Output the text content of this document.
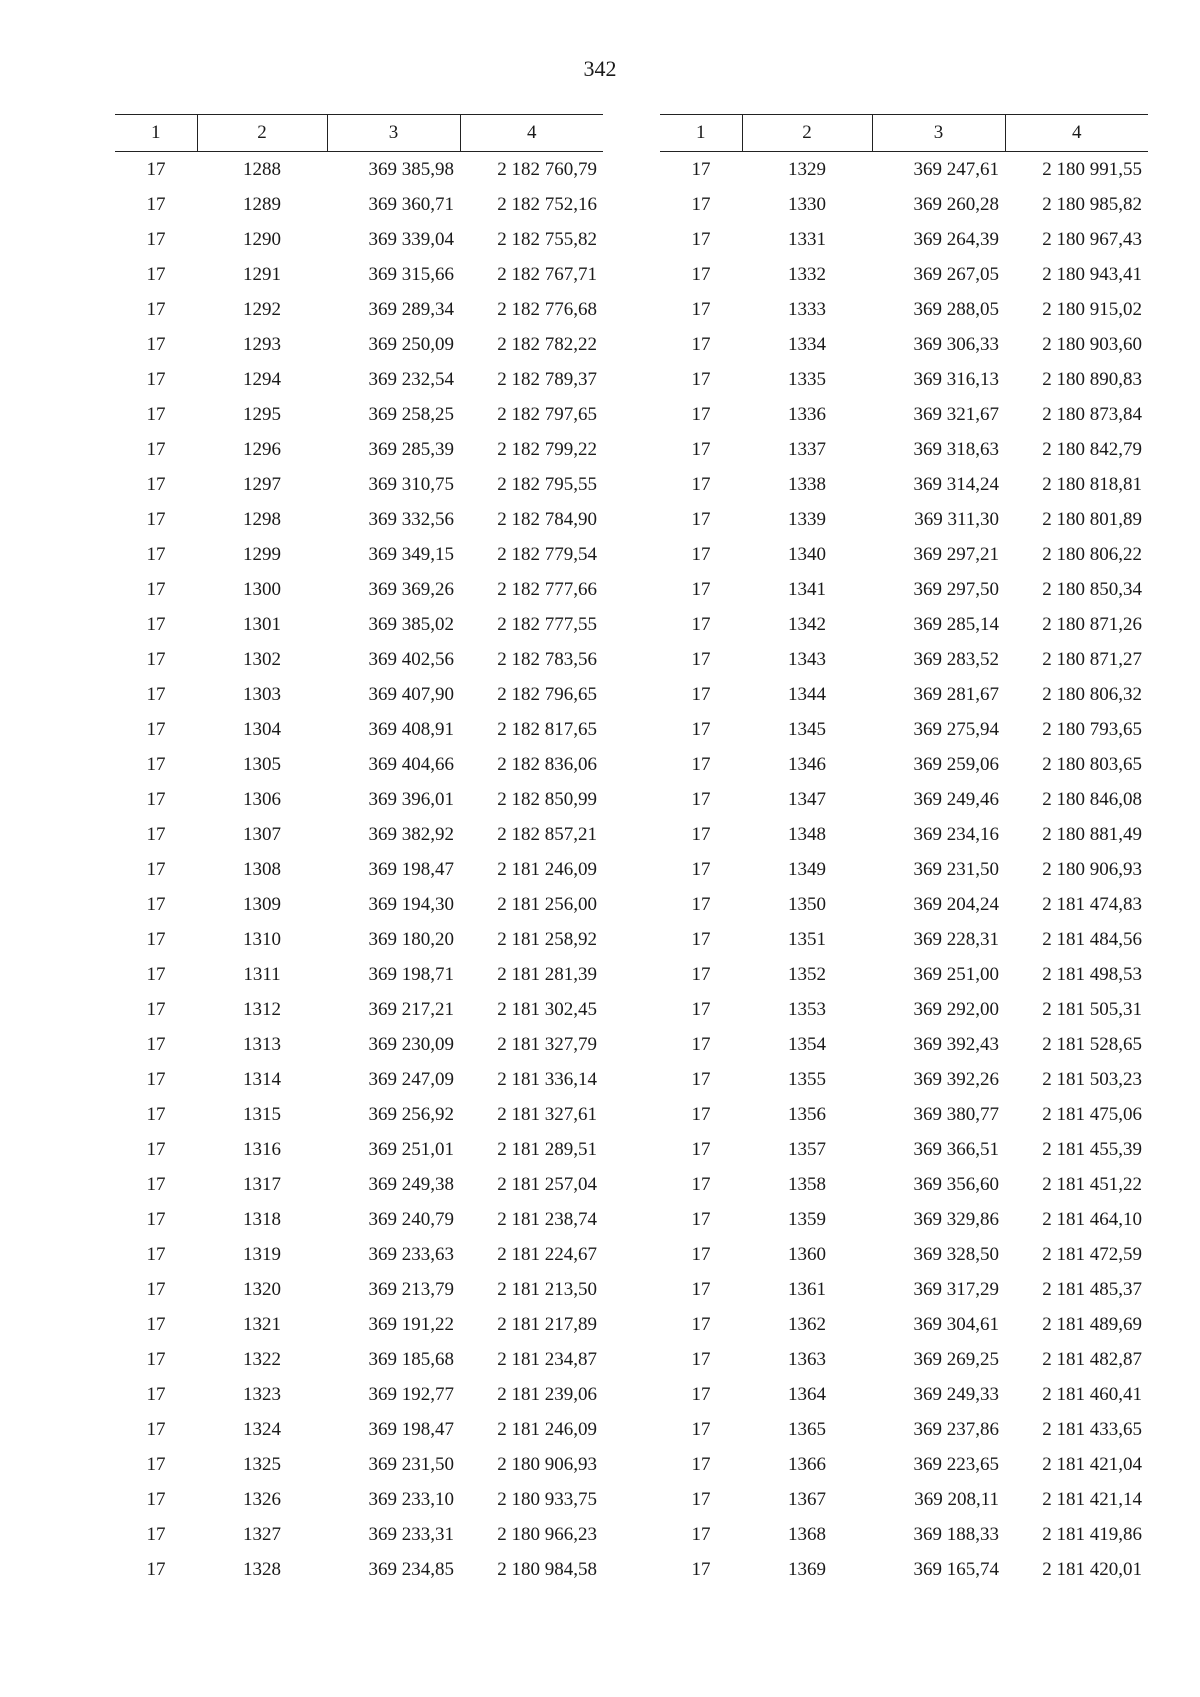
342
1	2	3	4
17	1288	369 385,98	2 182 760,79
17	1289	369 360,71	2 182 752,16
17	1290	369 339,04	2 182 755,82
17	1291	369 315,66	2 182 767,71
17	1292	369 289,34	2 182 776,68
17	1293	369 250,09	2 182 782,22
17	1294	369 232,54	2 182 789,37
17	1295	369 258,25	2 182 797,65
17	1296	369 285,39	2 182 799,22
17	1297	369 310,75	2 182 795,55
17	1298	369 332,56	2 182 784,90
17	1299	369 349,15	2 182 779,54
17	1300	369 369,26	2 182 777,66
17	1301	369 385,02	2 182 777,55
17	1302	369 402,56	2 182 783,56
17	1303	369 407,90	2 182 796,65
17	1304	369 408,91	2 182 817,65
17	1305	369 404,66	2 182 836,06
17	1306	369 396,01	2 182 850,99
17	1307	369 382,92	2 182 857,21
17	1308	369 198,47	2 181 246,09
17	1309	369 194,30	2 181 256,00
17	1310	369 180,20	2 181 258,92
17	1311	369 198,71	2 181 281,39
17	1312	369 217,21	2 181 302,45
17	1313	369 230,09	2 181 327,79
17	1314	369 247,09	2 181 336,14
17	1315	369 256,92	2 181 327,61
17	1316	369 251,01	2 181 289,51
17	1317	369 249,38	2 181 257,04
17	1318	369 240,79	2 181 238,74
17	1319	369 233,63	2 181 224,67
17	1320	369 213,79	2 181 213,50
17	1321	369 191,22	2 181 217,89
17	1322	369 185,68	2 181 234,87
17	1323	369 192,77	2 181 239,06
17	1324	369 198,47	2 181 246,09
17	1325	369 231,50	2 180 906,93
17	1326	369 233,10	2 180 933,75
17	1327	369 233,31	2 180 966,23
17	1328	369 234,85	2 180 984,58
1	2	3	4
17	1329	369 247,61	2 180 991,55
17	1330	369 260,28	2 180 985,82
17	1331	369 264,39	2 180 967,43
17	1332	369 267,05	2 180 943,41
17	1333	369 288,05	2 180 915,02
17	1334	369 306,33	2 180 903,60
17	1335	369 316,13	2 180 890,83
17	1336	369 321,67	2 180 873,84
17	1337	369 318,63	2 180 842,79
17	1338	369 314,24	2 180 818,81
17	1339	369 311,30	2 180 801,89
17	1340	369 297,21	2 180 806,22
17	1341	369 297,50	2 180 850,34
17	1342	369 285,14	2 180 871,26
17	1343	369 283,52	2 180 871,27
17	1344	369 281,67	2 180 806,32
17	1345	369 275,94	2 180 793,65
17	1346	369 259,06	2 180 803,65
17	1347	369 249,46	2 180 846,08
17	1348	369 234,16	2 180 881,49
17	1349	369 231,50	2 180 906,93
17	1350	369 204,24	2 181 474,83
17	1351	369 228,31	2 181 484,56
17	1352	369 251,00	2 181 498,53
17	1353	369 292,00	2 181 505,31
17	1354	369 392,43	2 181 528,65
17	1355	369 392,26	2 181 503,23
17	1356	369 380,77	2 181 475,06
17	1357	369 366,51	2 181 455,39
17	1358	369 356,60	2 181 451,22
17	1359	369 329,86	2 181 464,10
17	1360	369 328,50	2 181 472,59
17	1361	369 317,29	2 181 485,37
17	1362	369 304,61	2 181 489,69
17	1363	369 269,25	2 181 482,87
17	1364	369 249,33	2 181 460,41
17	1365	369 237,86	2 181 433,65
17	1366	369 223,65	2 181 421,04
17	1367	369 208,11	2 181 421,14
17	1368	369 188,33	2 181 419,86
17	1369	369 165,74	2 181 420,01
